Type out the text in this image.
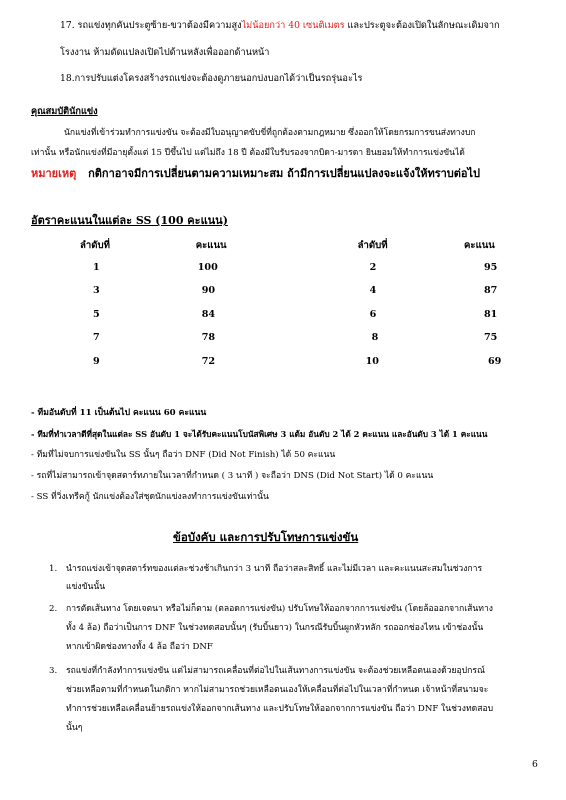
17. รถแข่งทุกคันประตูซ้าย-ขวาต้องมีความสูงไม่น้อยกว่า 40 เซนติเมตร และประตูจะต้องเปิดในลักษณะเดิมจาก
โรงงาน ห้ามดัดแปลงเปิดไปด้านหลังเพื่อออกด้านหน้า
18.การปรับแต่งโครงสร้างรถแข่งจะต้องดูภายนอกบ่งบอกได้ว่าเป็นรถรุ่นอะไร
คุณสมบัตินักแข่ง
นักแข่งที่เข้าร่วมทำการแข่งขัน จะต้องมีใบอนุญาตขับขี่ที่ถูกต้องตามกฎหมาย ซึ่งออกให้โดยกรมการขนส่งทางบก
เท่านั้น หรือนักแข่งที่มีอายุตั้งแต่ 15 ปีขึ้นไป แต่ไม่ถึง 18 ปี ต้องมีใบรับรองจากบิดา-มารดา ยินยอมให้ทำการแข่งขันได้
หมายเหตุ กติกาอาจมีการเปลี่ยนตามความเหมาะสม ถ้ามีการเปลี่ยนแปลงจะแจ้งให้ทราบต่อไป
อัตราคะแนนในแต่ละ SS (100 คะแนน)
ลำดับที่	คะแนน	ลำดับที่	คะแนน
1	100	2	95
3	90	4	87
5	84	6	81
7	78	8	75
9	72	10	69
- ทีมอันดับที่ 11 เป็นต้นไป คะแนน 60 คะแนน
- ทีมที่ทำเวลาดีที่สุดในแต่ละ SS อันดับ 1 จะได้รับคะแนนโบนัสพิเศษ 3 แต้ม อันดับ 2 ได้ 2 คะแนน และอันดับ 3 ได้ 1 คะแนน
- ทีมที่ไม่จบการแข่งขันใน SS นั้นๆ ถือว่า DNF (Did Not Finish) ได้ 50 คะแนน
- รถที่ไม่สามารถเข้าจุดสตาร์ทภายในเวลาที่กำหนด ( 3 นาที ) จะถือว่า DNS (Did Not Start) ได้ 0 คะแนน
- SS ที่วิ่งเทรีคกู้ นักแข่งต้องใส่ชุดนักแข่งลงทำการแข่งขันเท่านั้น
ข้อบังคับ และการปรับโทษการแข่งขัน
1. นำรถแข่งเข้าจุดสตาร์ทของแต่ละช่วงช้าเกินกว่า 3 นาที ถือว่าสละสิทธิ์ และไม่มีเวลา และคะแนนสะสมในช่วงการ
แข่งขันนั้น
2. การตัดเส้นทาง โดยเจตนา หรือไม่ก็ตาม (ตลอดการแข่งขัน) ปรับโทษให้ออกจากการแข่งขัน (โดยล้อออกจากเส้นทาง
ทั้ง 4 ล้อ) ถือว่าเป็นการ DNF ในช่วงทดสอบนั้นๆ (รับบิ้นยาว) ในกรณีรับบิ้นผูกหัวหลัก รถออกช่องไหน เข้าช่องนั้น
หากเข้าผิดช่องทางทั้ง 4 ล้อ ถือว่า DNF
3. รถแข่งที่กำลังทำการแข่งขัน แต่ไม่สามารถเคลื่อนที่ต่อไปในเส้นทางการแข่งขัน จะต้องช่วยเหลือตนเองด้วยอุปกรณ์
ช่วยเหลือตามที่กำหนดในกติกา หากไม่สามารถช่วยเหลือตนเองให้เคลื่อนที่ต่อไปในเวลาที่กำหนด เจ้าหน้าที่สนามจะ
ทำการช่วยเหลือเคลื่อนย้ายรถแข่งให้ออกจากเส้นทาง และปรับโทษให้ออกจากการแข่งขัน ถือว่า DNF ในช่วงทดสอบ
นั้นๆ
6
